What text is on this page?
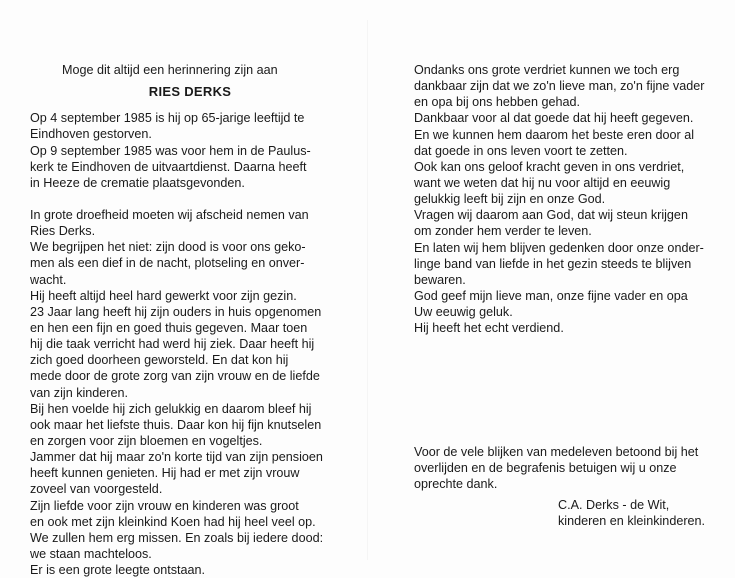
Moge dit altijd een herinnering zijn aan
RIES DERKS
Op 4 september 1985 is hij op 65-jarige leeftijd te
Eindhoven gestorven.
Op 9 september 1985 was voor hem in de Paulus-
kerk te Eindhoven de uitvaartdienst. Daarna heeft
in Heeze de crematie plaatsgevonden.
In grote droefheid moeten wij afscheid nemen van
Ries Derks.
We begrijpen het niet: zijn dood is voor ons geko-
men als een dief in de nacht, plotseling en onver-
wacht.
Hij heeft altijd heel hard gewerkt voor zijn gezin.
23 Jaar lang heeft hij zijn ouders in huis opgenomen
en hen een fijn en goed thuis gegeven. Maar toen
hij die taak verricht had werd hij ziek. Daar heeft hij
zich goed doorheen geworsteld. En dat kon hij
mede door de grote zorg van zijn vrouw en de liefde
van zijn kinderen.
Bij hen voelde hij zich gelukkig en daarom bleef hij
ook maar het liefste thuis. Daar kon hij fijn knutselen
en zorgen voor zijn bloemen en vogeltjes.
Jammer dat hij maar zo'n korte tijd van zijn pensioen
heeft kunnen genieten. Hij had er met zijn vrouw
zoveel van voorgesteld.
Zijn liefde voor zijn vrouw en kinderen was groot
en ook met zijn kleinkind Koen had hij heel veel op.
We zullen hem erg missen. En zoals bij iedere dood:
we staan machteloos.
Er is een grote leegte ontstaan.
Ondanks ons grote verdriet kunnen we toch erg
dankbaar zijn dat we zo'n lieve man, zo'n fijne vader
en opa bij ons hebben gehad.
Dankbaar voor al dat goede dat hij heeft gegeven.
En we kunnen hem daarom het beste eren door al
dat goede in ons leven voort te zetten.
Ook kan ons geloof kracht geven in ons verdriet,
want we weten dat hij nu voor altijd en eeuwig
gelukkig leeft bij zijn en onze God.
Vragen wij daarom aan God, dat wij steun krijgen
om zonder hem verder te leven.
En laten wij hem blijven gedenken door onze onder-
linge band van liefde in het gezin steeds te blijven
bewaren.
God geef mijn lieve man, onze fijne vader en opa
Uw eeuwig geluk.
Hij heeft het echt verdiend.
Voor de vele blijken van medeleven betoond bij het
overlijden en de begrafenis betuigen wij u onze
oprechte dank.
C.A. Derks - de Wit,
kinderen en kleinkinderen.
